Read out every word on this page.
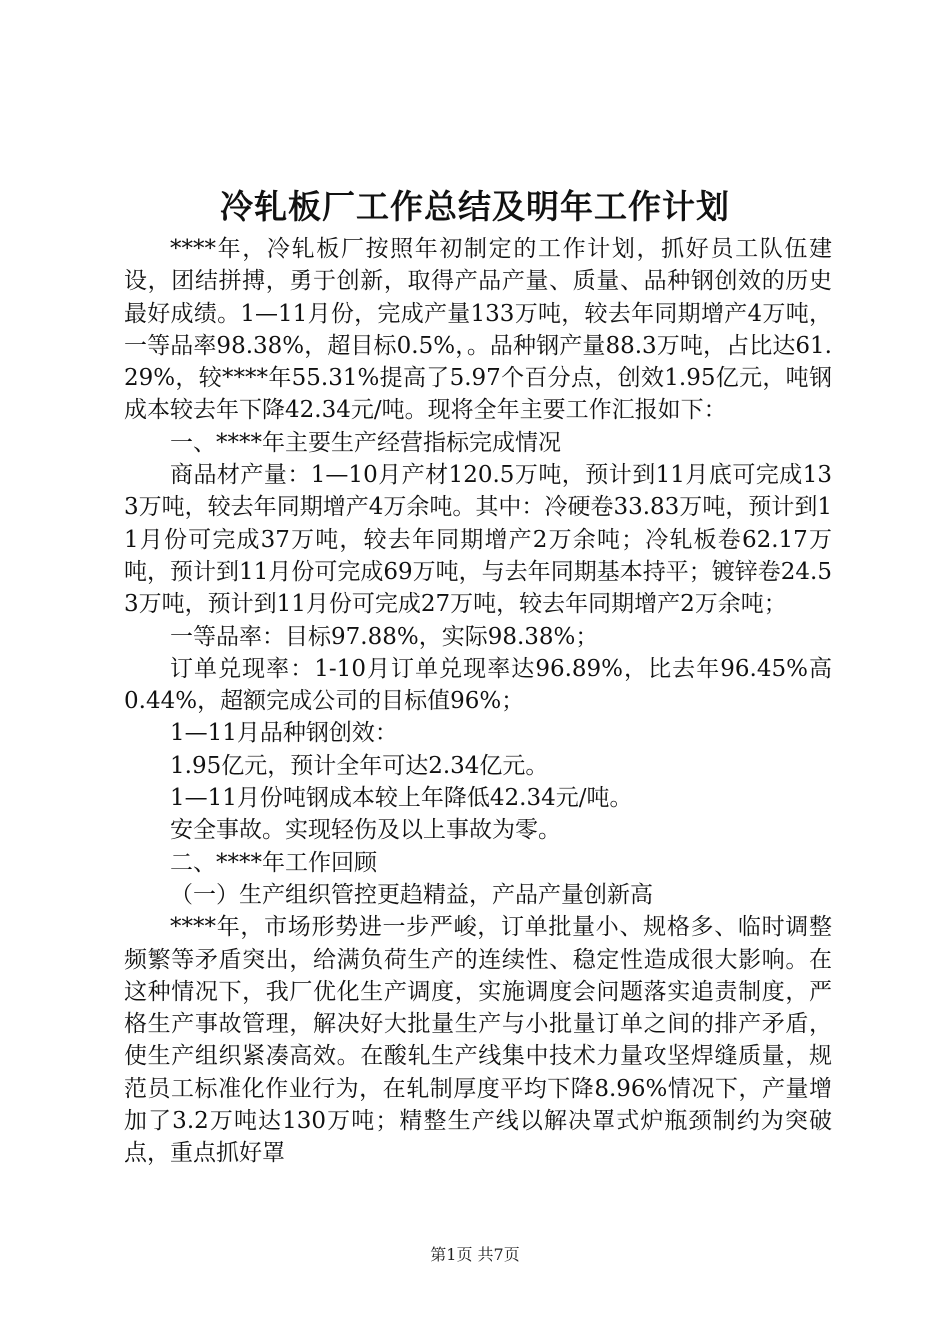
冷轧板厂工作总结及明年工作计划

****年，冷轧板厂按照年初制定的工作计划，抓好员工队伍建设，团结拼搏，勇于创新，取得产品产量、质量、品种钢创效的历史最好成绩。1—11月份，完成产量133万吨，较去年同期增产4万吨，一等品率98.38%，超目标0.5%，。品种钢产量88.3万吨，占比达61.29%，较****年55.31%提高了5.97个百分点，创效1.95亿元，吨钢成本较去年下降42.34元/吨。现将全年主要工作汇报如下：

一、****年主要生产经营指标完成情况

商品材产量：1—10月产材120.5万吨，预计到11月底可完成133万吨，较去年同期增产4万余吨。其中：冷硬卷33.83万吨，预计到11月份可完成37万吨，较去年同期增产2万余吨；冷轧板卷62.17万吨，预计到11月份可完成69万吨，与去年同期基本持平；镀锌卷24.53万吨，预计到11月份可完成27万吨，较去年同期增产2万余吨；

一等品率：目标97.88%，实际98.38%；

订单兑现率：1-10月订单兑现率达96.89%，比去年96.45%高0.44%，超额完成公司的目标值96%；

1—11月品种钢创效：

1.95亿元，预计全年可达2.34亿元。

1—11月份吨钢成本较上年降低42.34元/吨。

安全事故。实现轻伤及以上事故为零。

二、****年工作回顾

（一）生产组织管控更趋精益，产品产量创新高

****年，市场形势进一步严峻，订单批量小、规格多、临时调整频繁等矛盾突出，给满负荷生产的连续性、稳定性造成很大影响。在这种情况下，我厂优化生产调度，实施调度会问题落实追责制度，严格生产事故管理，解决好大批量生产与小批量订单之间的排产矛盾，使生产组织紧凑高效。在酸轧生产线集中技术力量攻坚焊缝质量，规范员工标准化作业行为，在轧制厚度平均下降8.96%情况下，产量增加了3.2万吨达130万吨；精整生产线以解决罩式炉瓶颈制约为突破点，重点抓好罩

第1页 共7页
